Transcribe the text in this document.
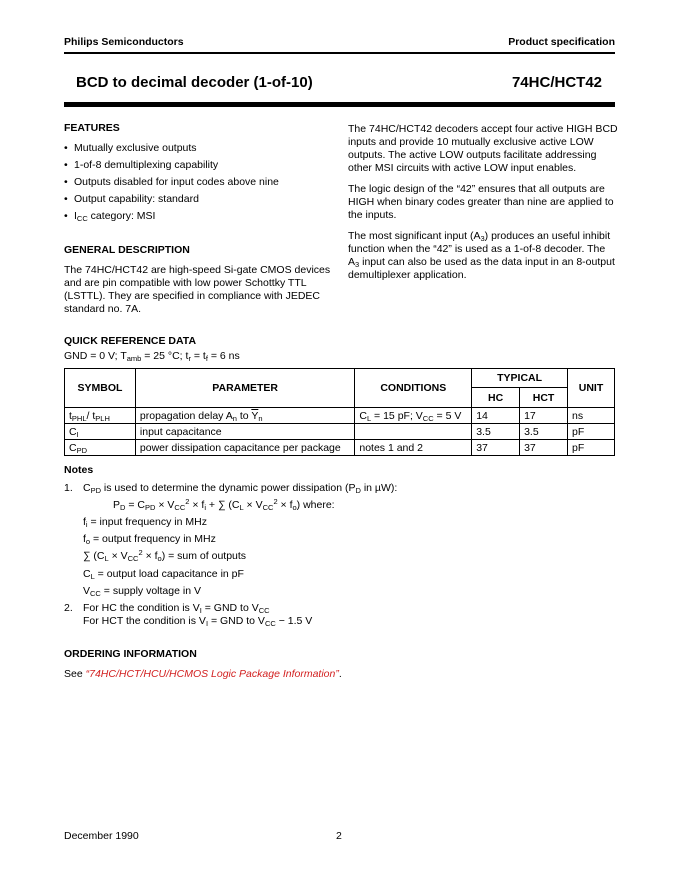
Philips Semiconductors	Product specification
BCD to decimal decoder (1-of-10)	74HC/HCT42
FEATURES
• Mutually exclusive outputs
• 1-of-8 demultiplexing capability
• Outputs disabled for input codes above nine
• Output capability: standard
• $I_{CC}$ category: MSI
GENERAL DESCRIPTION
The 74HC/HCT42 are high-speed Si-gate CMOS devices and are pin compatible with low power Schottky TTL (LSTTL). They are specified in compliance with JEDEC standard no. 7A.

The 74HC/HCT42 decoders accept four active HIGH BCD inputs and provide 10 mutually exclusive active LOW outputs. The active LOW outputs facilitate addressing other MSI circuits with active LOW input enables.

The logic design of the “42” ensures that all outputs are HIGH when binary codes greater than nine are applied to the inputs.

The most significant input $(A_3)$ produces an useful inhibit function when the “42” is used as a 1-of-8 decoder. The $A_3$ input can also be used as the data input in an 8-output demultiplexer application.

QUICK REFERENCE DATA
GND = 0 V; $T_{amb} = 25$ °C; $t_r = t_f = 6$ ns
SYMBOL	PARAMETER	CONDITIONS	TYPICAL		UNIT
			HC	HCT	
$t_{PHL}/$ $t_{PLH}$	propagation delay $A_n$ to $\overline{Y}_n$	$C_L = 15$ pF; $V_{CC} = 5$ V	14	17	ns
$C_I$	input capacitance		3.5	3.5	pF
$C_{PD}$	power dissipation capacitance per package	notes 1 and 2	37	37	pF
Notes
1. $C_{PD}$ is used to determine the dynamic power dissipation ($P_D$ in µW):
$P_D = C_{PD} \times V_{CC}^2 \times f_i$ + ∑ $(C_L \times V_{CC}^2 \times f_o)$ where:
$f_i$ = input frequency in MHz
$f_o$ = output frequency in MHz
∑ $(C_L \times V_{CC}^2 \times f_o)$ = sum of outputs
$C_L$ = output load capacitance in pF
$V_{CC}$ = supply voltage in V
2. For HC the condition is $V_I$ = GND to $V_{CC}$
For HCT the condition is $V_I$ = GND to $V_{CC} - 1.5$ V
ORDERING INFORMATION
See “74HC/HCT/HCU/HCMOS Logic Package Information”.
December 1990	2
